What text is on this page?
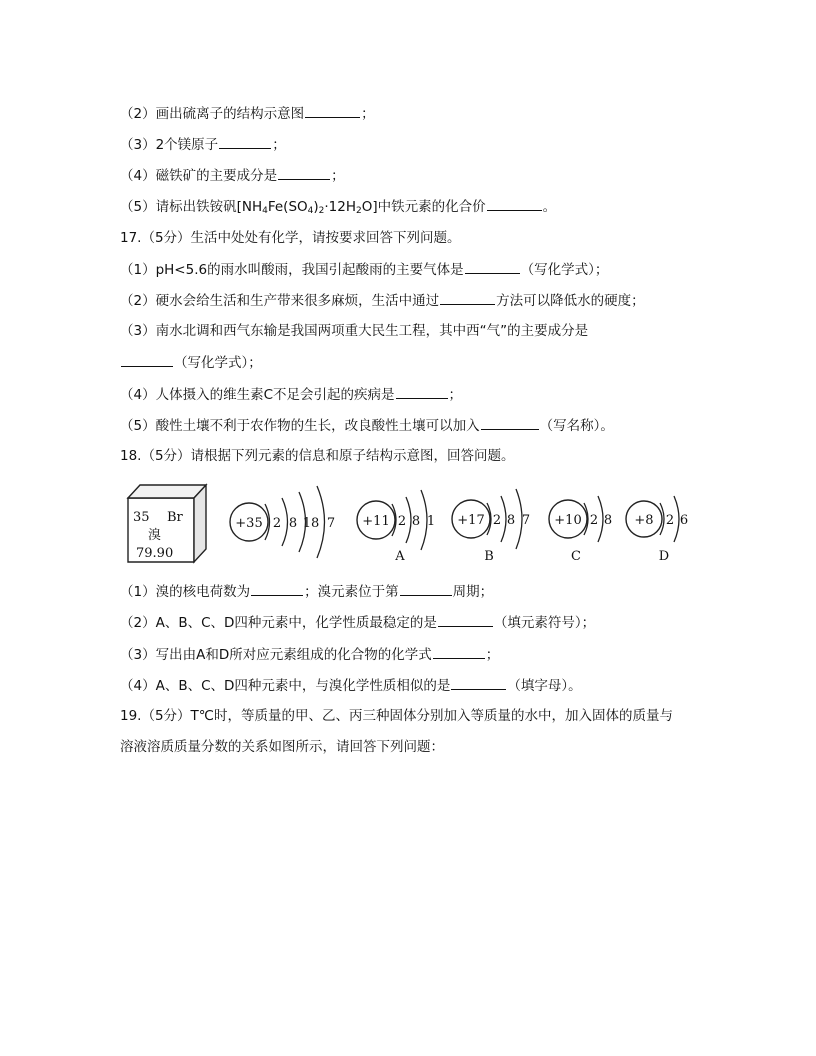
（2）画出硫离子的结构示意图	；
（3）2个镁原子	；
（4）磁铁矿的主要成分是	；
（5）请标出铁铵矾$[NH_4Fe(SO_4)_2\cdot 12H_2O]$中铁元素的化合价	。
17.（5分）生活中处处有化学，请按要求回答下列问题。
（1）pH<5.6的雨水叫酸雨，我国引起酸雨的主要气体是	（写化学式）；
（2）硬水会给生活和生产带来很多麻烦，生活中通过	方法可以降低水的硬度；
（3）南水北调和西气东输是我国两项重大民生工程，其中西“气”的主要成分是
（写化学式）；
（4）人体摄入的维生素C不足会引起的疾病是	；
（5）酸性土壤不利于农作物的生长，改良酸性土壤可以加入	（写名称）。
18.（5分）请根据下列元素的信息和原子结构示意图，回答问题。
35 Br
溴
79.90
+35 2 8 18 7 +11 2 8 1
A
+17 2 8 7
B
+10 2 8
C
+8 2 6
D
（1）溴的核电荷数为	；溴元素位于第	周期；
（2）A、B、C、D四种元素中，化学性质最稳定的是	（填元素符号）；
（3）写出由A和D所对应元素组成的化合物的化学式	；
（4）A、B、C、D四种元素中，与溴化学性质相似的是	（填字母）。
19.（5分）T℃时，等质量的甲、乙、丙三种固体分别加入等质量的水中，加入固体的质量与
溶液溶质质量分数的关系如图所示，请回答下列问题：
